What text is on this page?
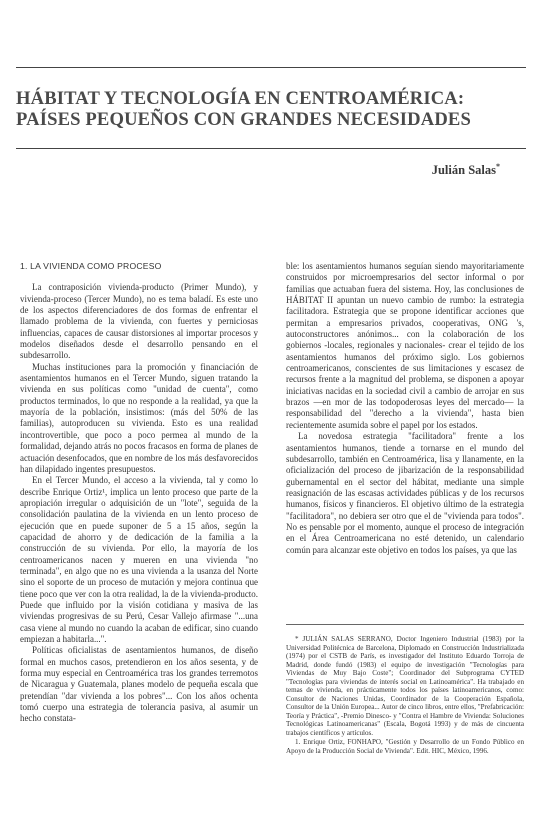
HÁBITAT Y TECNOLOGÍA EN CENTROAMÉRICA:
PAÍSES PEQUEÑOS CON GRANDES NECESIDADES

Julián Salas*

1. LA VIVIENDA COMO PROCESO

La contraposición vivienda-producto (Primer Mundo), y vivienda-proceso (Tercer Mundo), no es tema baladí. Es este uno de los aspectos diferenciadores de dos formas de enfrentar el llamado problema de la vivienda, con fuertes y perniciosas influencias, capaces de causar distorsiones al importar procesos y modelos diseñados desde el desarrollo pensando en el subdesarrollo.

Muchas instituciones para la promoción y financiación de asentamientos humanos en el Tercer Mundo, siguen tratando la vivienda en sus políticas como "unidad de cuenta", como productos terminados, lo que no responde a la realidad, ya que la mayoría de la población, insistimos: (más del 50% de las familias), autoproducen su vivienda. Esto es una realidad incontrovertible, que poco a poco permea al mundo de la formalidad, dejando atrás no pocos fracasos en forma de planes de actuación desenfocados, que en nombre de los más desfavorecidos han dilapidado ingentes presupuestos.

En el Tercer Mundo, el acceso a la vivienda, tal y como lo describe Enrique Ortiz¹, implica un lento proceso que parte de la apropiación irregular o adquisición de un "lote", seguida de la consolidación paulatina de la vivienda en un lento proceso de ejecución que en puede suponer de 5 a 15 años, según la capacidad de ahorro y de dedicación de la familia a la construcción de su vivienda. Por ello, la mayoría de los centroamericanos nacen y mueren en una vivienda "no terminada", en algo que no es una vivienda a la usanza del Norte sino el soporte de un proceso de mutación y mejora continua que tiene poco que ver con la otra realidad, la de la vivienda-producto. Puede que influido por la visión cotidiana y masiva de las viviendas progresivas de su Perú, Cesar Vallejo afirmase "...una casa viene al mundo no cuando la acaban de edificar, sino cuando empiezan a habitarla...".

Políticas oficialistas de asentamientos humanos, de diseño formal en muchos casos, pretendieron en los años sesenta, y de forma muy especial en Centroamérica tras los grandes terremotos de Nicaragua y Guatemala, planes modelo de pequeña escala que pretendían "dar vivienda a los pobres"... Con los años ochenta tomó cuerpo una estrategia de tolerancia pasiva, al asumir un hecho constata-

ble: los asentamientos humanos seguían siendo mayoritariamente construidos por microempresarios del sector informal o por familias que actuaban fuera del sistema. Hoy, las conclusiones de HÁBITAT II apuntan un nuevo cambio de rumbo: la estrategia facilitadora. Estrategia que se propone identificar acciones que permitan a empresarios privados, cooperativas, ONG 's, autoconstructores anónimos... con la colaboración de los gobiernos -locales, regionales y nacionales- crear el tejido de los asentamientos humanos del próximo siglo. Los gobiernos centroamericanos, conscientes de sus limitaciones y escasez de recursos frente a la magnitud del problema, se disponen a apoyar iniciativas nacidas en la sociedad civil a cambio de arrojar en sus brazos —en mor de las todopoderosas leyes del mercado— la responsabilidad del "derecho a la vivienda", hasta bien recientemente asumida sobre el papel por los estados.

La novedosa estrategia "facilitadora" frente a los asentamientos humanos, tiende a tornarse en el mundo del subdesarrollo, también en Centroamérica, lisa y llanamente, en la oficialización del proceso de jibarización de la responsabilidad gubernamental en el sector del hábitat, mediante una simple reasignación de las escasas actividades públicas y de los recursos humanos, físicos y financieros. El objetivo último de la estrategia "facilitadora", no debiera ser otro que el de "vivienda para todos". No es pensable por el momento, aunque el proceso de integración en el Área Centroamericana no esté detenido, un calendario común para alcanzar este objetivo en todos los países, ya que las

* JULIÁN SALAS SERRANO, Doctor Ingeniero Industrial (1983) por la Universidad Politécnica de Barcelona, Diplomado en Construcción Industrializada (1974) por el CSTB de París, es investigador del Instituto Eduardo Torroja de Madrid, donde fundó (1983) el equipo de investigación "Tecnologías para Viviendas de Muy Bajo Coste"; Coordinador del Subprograma CYTED "Tecnologías para viviendas de interés social en Latinoamérica". Ha trabajado en temas de vivienda, en prácticamente todos los países latinoamericanos, como: Consultor de Naciones Unidas, Coordinador de la Cooperación Española, Consultor de la Unión Europea... Autor de cinco libros, entre ellos, "Prefabricación: Teoría y Práctica", -Premio Dinesco- y "Contra el Hambre de Vivienda: Soluciones Tecnológicas Latinoamericanas" (Escala, Bogotá 1993) y de más de cincuenta trabajos científicos y artículos.

1. Enrique Ortiz, FONHAPO, "Gestión y Desarrollo de un Fondo Público en Apoyo de la Producción Social de Vivienda". Edit. HIC, México, 1996.
